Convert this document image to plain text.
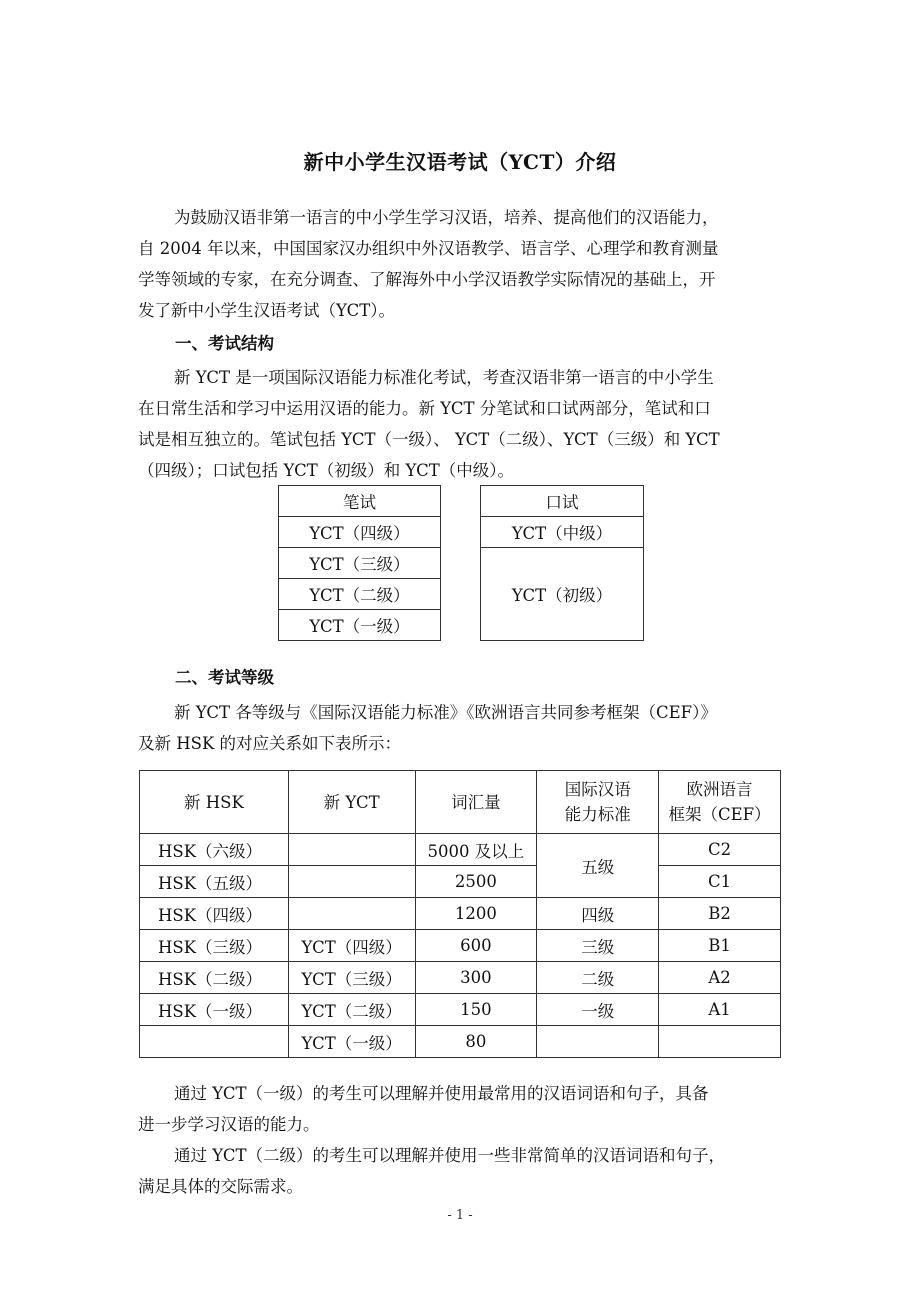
新中小学生汉语考试（YCT）介绍
为鼓励汉语非第一语言的中小学生学习汉语，培养、提高他们的汉语能力，
自 2004 年以来，中国国家汉办组织中外汉语教学、语言学、心理学和教育测量
学等领域的专家，在充分调查、了解海外中小学汉语教学实际情况的基础上，开
发了新中小学生汉语考试（YCT）。
一、考试结构
新 YCT 是一项国际汉语能力标准化考试，考查汉语非第一语言的中小学生
在日常生活和学习中运用汉语的能力。新 YCT 分笔试和口试两部分，笔试和口
试是相互独立的。笔试包括 YCT（一级）、 YCT（二级）、YCT（三级）和 YCT
（四级）；口试包括 YCT（初级）和 YCT（中级）。
笔试
YCT（四级）
YCT（三级）
YCT（二级）
YCT（一级）
口试
YCT（中级）
YCT（初级）

二、考试等级
新 YCT 各等级与《国际汉语能力标准》《欧洲语言共同参考框架（CEF）》
及新 HSK 的对应关系如下表所示：
新 HSK	新 YCT	词汇量	国际汉语
能力标准	欧洲语言
框架（CEF）
HSK（六级）		5000 及以上	五级	C2
HSK（五级）		2500		C1
HSK（四级）		1200	四级	B2
HSK（三级）	YCT（四级）	600	三级	B1
HSK（二级）	YCT（三级）	300	二级	A2
HSK（一级）	YCT（二级）	150	一级	A1
	YCT（一级）	80		
通过 YCT（一级）的考生可以理解并使用最常用的汉语词语和句子，具备
进一步学习汉语的能力。
通过 YCT（二级）的考生可以理解并使用一些非常简单的汉语词语和句子，
满足具体的交际需求。
- 1 -
